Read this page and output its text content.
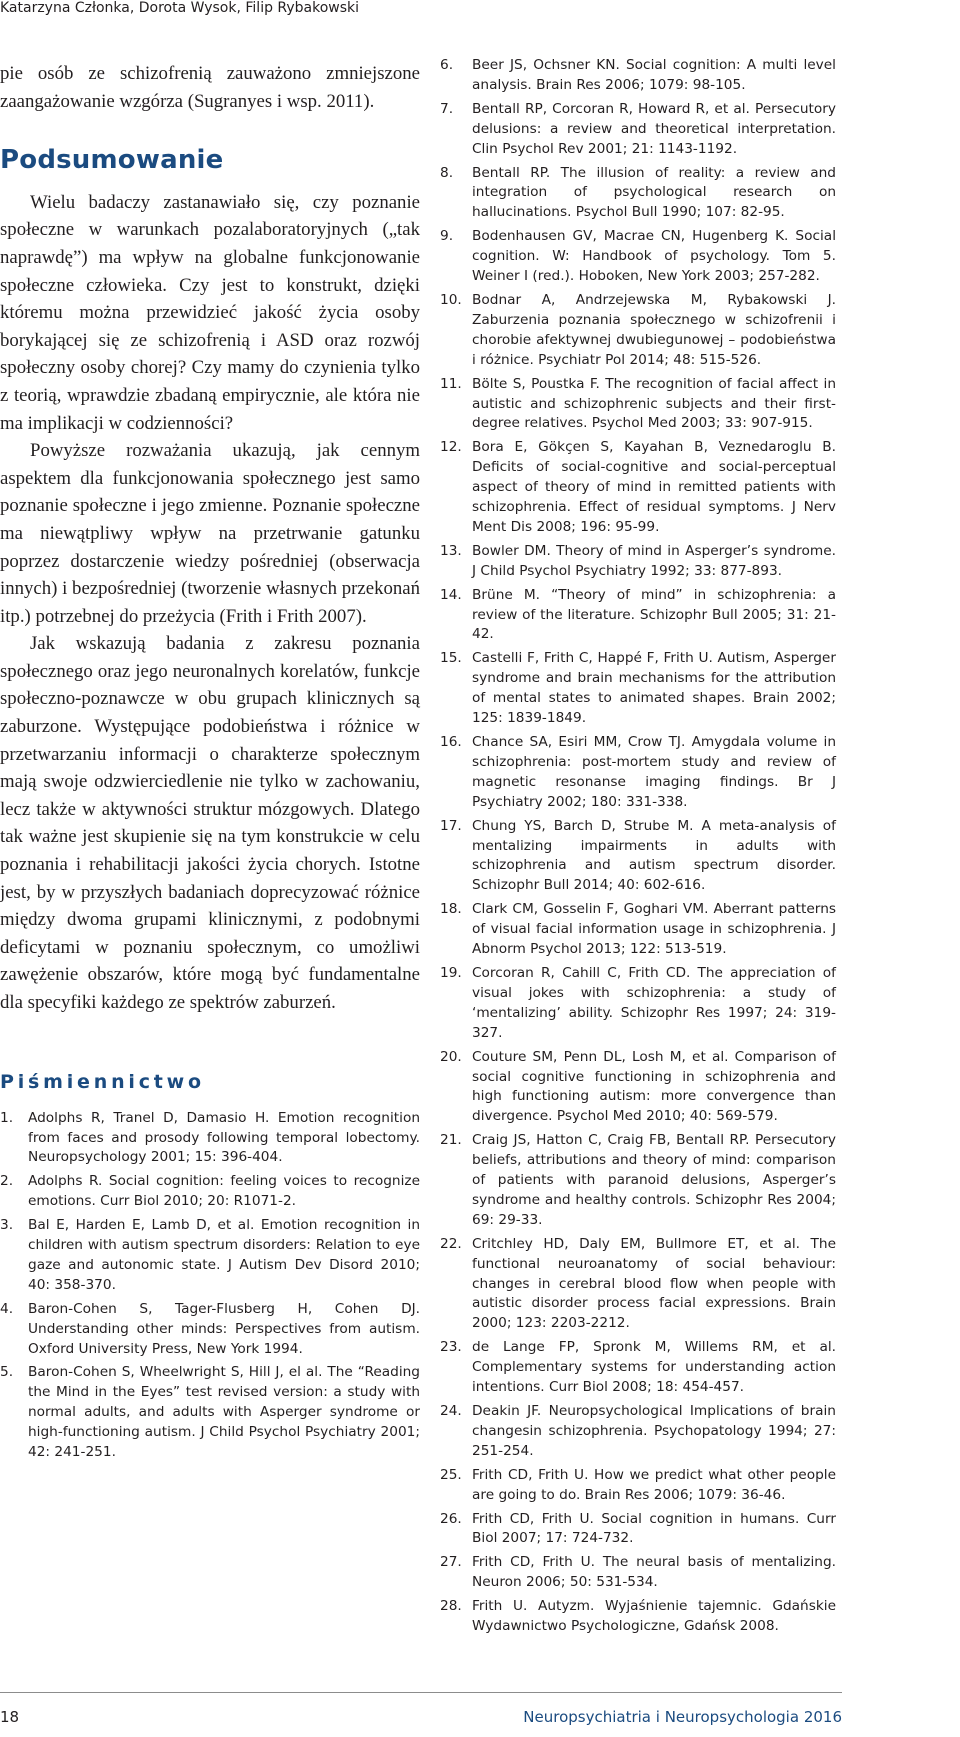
Katarzyna Członka, Dorota Wysok, Filip Rybakowski

pie osób ze schizofrenią zauważono zmniejszone zaangażowanie wzgórza (Sugranyes i wsp. 2011).

Podsumowanie

Wielu badaczy zastanawiało się, czy poznanie społeczne w warunkach pozalaboratoryjnych („tak naprawdę”) ma wpływ na globalne funkcjonowanie społeczne człowieka. Czy jest to konstrukt, dzięki któremu można przewidzieć jakość życia osoby borykającej się ze schizofrenią i ASD oraz rozwój społeczny osoby chorej? Czy mamy do czynienia tylko z teorią, wprawdzie zbadaną empirycznie, ale która nie ma implikacji w codzienności?

Powyższe rozważania ukazują, jak cennym aspektem dla funkcjonowania społecznego jest samo poznanie społeczne i jego zmienne. Poznanie społeczne ma niewątpliwy wpływ na przetrwanie gatunku poprzez dostarczenie wiedzy pośredniej (obserwacja innych) i bezpośredniej (tworzenie własnych przekonań itp.) potrzebnej do przeżycia (Frith i Frith 2007).

Jak wskazują badania z zakresu poznania społecznego oraz jego neuronalnych korelatów, funkcje społeczno-poznawcze w obu grupach klinicznych są zaburzone. Występujące podobieństwa i różnice w przetwarzaniu informacji o charakterze społecznym mają swoje odzwierciedlenie nie tylko w zachowaniu, lecz także w aktywności struktur mózgowych. Dlatego tak ważne jest skupienie się na tym konstrukcie w celu poznania i rehabilitacji jakości życia chorych. Istotne jest, by w przyszłych badaniach doprecyzować różnice między dwoma grupami klinicznymi, z podobnymi deficytami w poznaniu społecznym, co umożliwi zawężenie obszarów, które mogą być fundamentalne dla specyfiki każdego ze spektrów zaburzeń.

Piśmiennictwo
1.	Adolphs R, Tranel D, Damasio H. Emotion recognition from faces and prosody following temporal lobectomy. Neuropsychology 2001; 15: 396-404.
2.	Adolphs R. Social cognition: feeling voices to recognize emotions. Curr Biol 2010; 20: R1071-2.
3.	Bal E, Harden E, Lamb D, et al. Emotion recognition in children with autism spectrum disorders: Relation to eye gaze and autonomic state. J Autism Dev Disord 2010; 40: 358-370.
4.	Baron-Cohen S, Tager-Flusberg H, Cohen DJ. Understanding other minds: Perspectives from autism. Oxford University Press, New York 1994.
5.	Baron-Cohen S, Wheelwright S, Hill J, el al. The “Reading the Mind in the Eyes” test revised version: a study with normal adults, and adults with Asperger syndrome or high-functioning autism. J Child Psychol Psychiatry 2001; 42: 241-251.
6.	Beer JS, Ochsner KN. Social cognition: A multi level analysis. Brain Res 2006; 1079: 98-105.
7.	Bentall RP, Corcoran R, Howard R, et al. Persecutory delusions: a review and theoretical interpretation. Clin Psychol Rev 2001; 21: 1143-1192.
8.	Bentall RP. The illusion of reality: a review and integration of psychological research on hallucinations. Psychol Bull 1990; 107: 82-95.
9.	Bodenhausen GV, Macrae CN, Hugenberg K. Social cognition. W: Handbook of psychology. Tom 5. Weiner I (red.). Hoboken, New York 2003; 257-282.
10. Bodnar A, Andrzejewska M, Rybakowski J. Zaburzenia poznania społecznego w schizofrenii i chorobie afektywnej dwubiegunowej – podobieństwa i różnice. Psychiatr Pol 2014; 48: 515-526.
11. Bölte S, Poustka F. The recognition of facial affect in autistic and schizophrenic subjects and their first-degree relatives. Psychol Med 2003; 33: 907-915.
12. Bora E, Gökçen S, Kayahan B, Veznedaroglu B. Deficits of social-cognitive and social-perceptual aspect of theory of mind in remitted patients with schizophrenia. Effect of residual symptoms. J Nerv Ment Dis 2008; 196: 95-99.
13. Bowler DM. Theory of mind in Asperger’s syndrome. J Child Psychol Psychiatry 1992; 33: 877-893.
14. Brüne M. “Theory of mind” in schizophrenia: a review of the literature. Schizophr Bull 2005; 31: 21-42.
15. Castelli F, Frith C, Happé F, Frith U. Autism, Asperger syndrome and brain mechanisms for the attribution of mental states to animated shapes. Brain 2002; 125: 1839-1849.
16. Chance SA, Esiri MM, Crow TJ. Amygdala volume in schizophrenia: post-mortem study and review of magnetic resonanse imaging findings. Br J Psychiatry 2002; 180: 331-338.
17. Chung YS, Barch D, Strube M. A meta-analysis of mentalizing impairments in adults with schizophrenia and autism spectrum disorder. Schizophr Bull 2014; 40: 602-616.
18. Clark CM, Gosselin F, Goghari VM. Aberrant patterns of visual facial information usage in schizophrenia. J Abnorm Psychol 2013; 122: 513-519.
19. Corcoran R, Cahill C, Frith CD. The appreciation of visual jokes with schizophrenia: a study of ‘mentalizing’ ability. Schizophr Res 1997; 24: 319-327.
20. Couture SM, Penn DL, Losh M, et al. Comparison of social cognitive functioning in schizophrenia and high functioning autism: more convergence than divergence. Psychol Med 2010; 40: 569-579.
21. Craig JS, Hatton C, Craig FB, Bentall RP. Persecutory beliefs, attributions and theory of mind: comparison of patients with paranoid delusions, Asperger’s syndrome and healthy controls. Schizophr Res 2004; 69: 29-33.
22. Critchley HD, Daly EM, Bullmore ET, et al. The functional neuroanatomy of social behaviour: changes in cerebral blood flow when people with autistic disorder process facial expressions. Brain 2000; 123: 2203-2212.
23. de Lange FP, Spronk M, Willems RM, et al. Complementary systems for understanding action intentions. Curr Biol 2008; 18: 454-457.
24. Deakin JF. Neuropsychological Implications of brain changesin schizophrenia. Psychopatology 1994; 27: 251-254.
25. Frith CD, Frith U. How we predict what other people are going to do. Brain Res 2006; 1079: 36-46.
26. Frith CD, Frith U. Social cognition in humans. Curr Biol 2007; 17: 724-732.
27. Frith CD, Frith U. The neural basis of mentalizing. Neuron 2006; 50: 531-534.
28. Frith U. Autyzm. Wyjaśnienie tajemnic. Gdańskie Wydawnictwo Psychologiczne, Gdańsk 2008.
18	Neuropsychiatria i Neuropsychologia 2016
